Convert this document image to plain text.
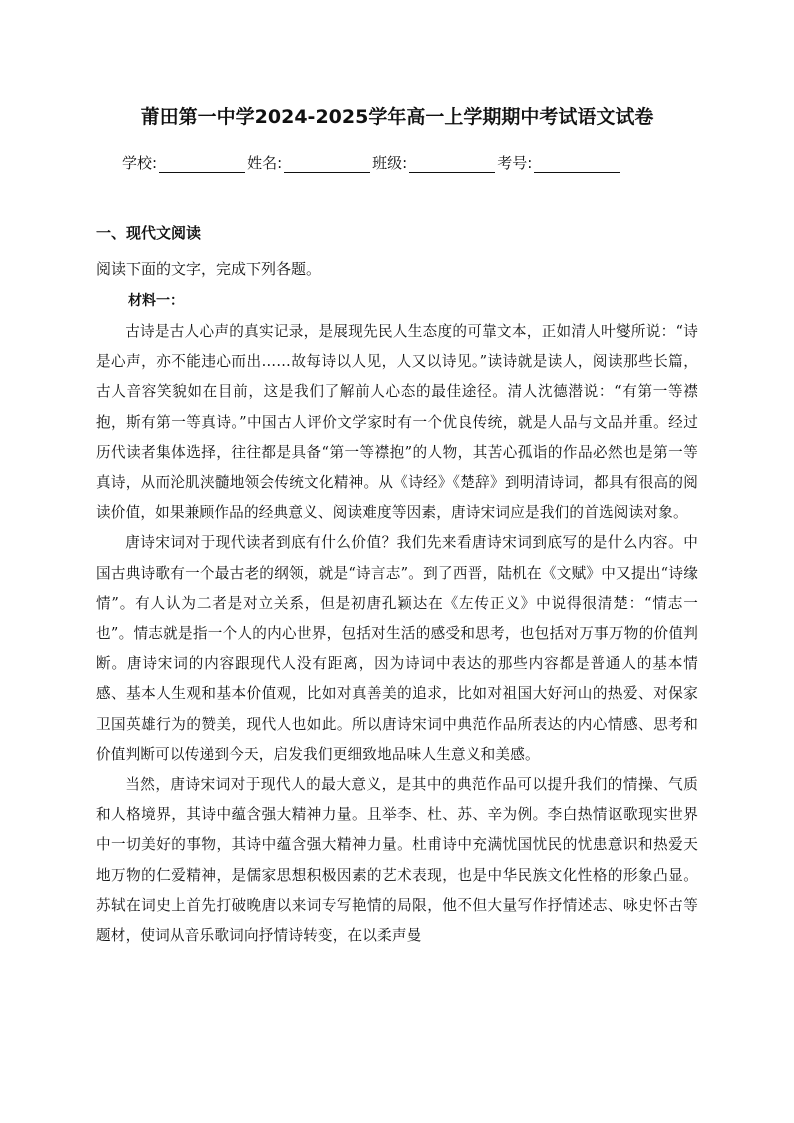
莆田第一中学2024-2025学年高一上学期期中考试语文试卷
学校:	姓名:	班级:	考号:
一、现代文阅读

阅读下面的文字，完成下列各题。

材料一：

古诗是古人心声的真实记录，是展现先民人生态度的可靠文本，正如清人叶燮所说：“诗是心声，亦不能违心而出……故每诗以人见，人又以诗见。”读诗就是读人，阅读那些长篇，古人音容笑貌如在目前，这是我们了解前人心态的最佳途径。清人沈德潜说：“有第一等襟抱，斯有第一等真诗。”中国古人评价文学家时有一个优良传统，就是人品与文品并重。经过历代读者集体选择，往往都是具备“第一等襟抱”的人物，其苦心孤诣的作品必然也是第一等真诗，从而沦肌浃髓地领会传统文化精神。从《诗经》《楚辞》到明清诗词，都具有很高的阅读价值，如果兼顾作品的经典意义、阅读难度等因素，唐诗宋词应是我们的首选阅读对象。

唐诗宋词对于现代读者到底有什么价值？我们先来看唐诗宋词到底写的是什么内容。中国古典诗歌有一个最古老的纲领，就是“诗言志”。到了西晋，陆机在《文赋》中又提出“诗缘情”。有人认为二者是对立关系，但是初唐孔颖达在《左传正义》中说得很清楚：“情志一也”。情志就是指一个人的内心世界，包括对生活的感受和思考，也包括对万事万物的价值判断。唐诗宋词的内容跟现代人没有距离，因为诗词中表达的那些内容都是普通人的基本情感、基本人生观和基本价值观，比如对真善美的追求，比如对祖国大好河山的热爱、对保家卫国英雄行为的赞美，现代人也如此。所以唐诗宋词中典范作品所表达的内心情感、思考和价值判断可以传递到今天，启发我们更细致地品味人生意义和美感。

当然，唐诗宋词对于现代人的最大意义，是其中的典范作品可以提升我们的情操、气质和人格境界，其诗中蕴含强大精神力量。且举李、杜、苏、辛为例。李白热情讴歌现实世界中一切美好的事物，其诗中蕴含强大精神力量。杜甫诗中充满忧国忧民的忧患意识和热爱天地万物的仁爱精神，是儒家思想积极因素的艺术表现，也是中华民族文化性格的形象凸显。苏轼在词史上首先打破晚唐以来词专写艳情的局限，他不但大量写作抒情述志、咏史怀古等题材，使词从音乐歌词向抒情诗转变，在以柔声曼
